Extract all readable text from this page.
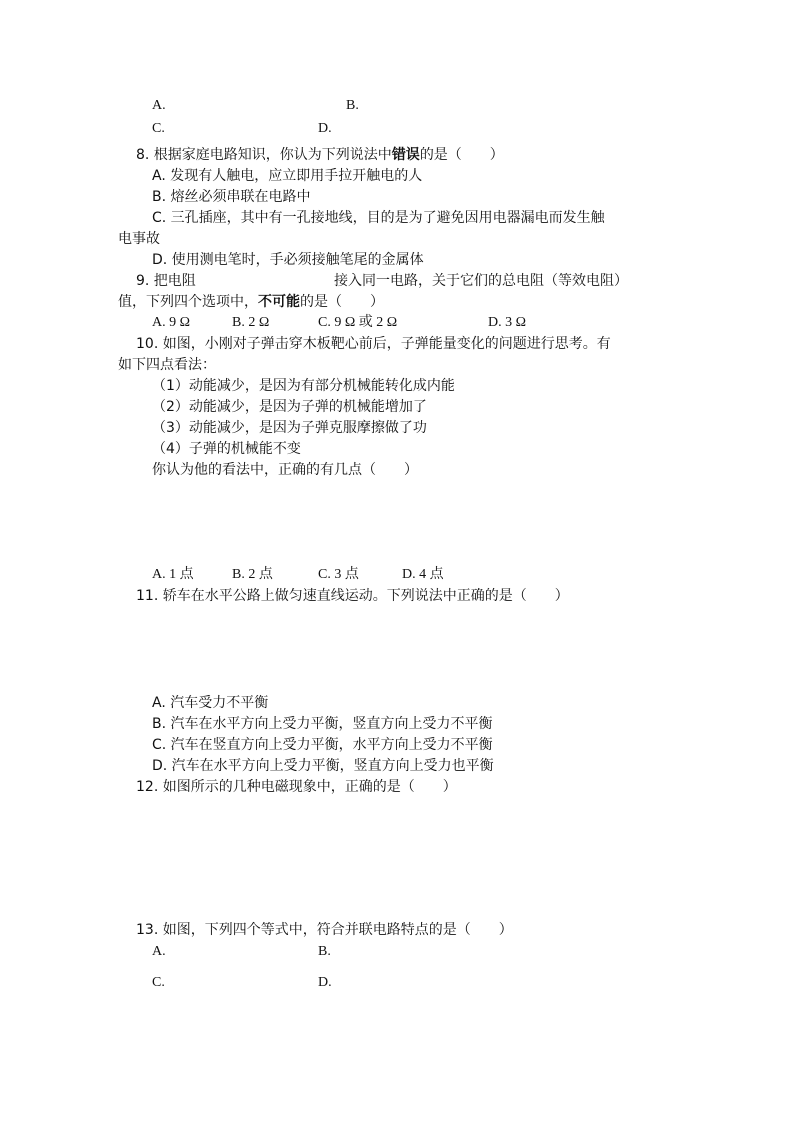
A.	B.
C.	D.
8. 根据家庭电路知识，你认为下列说法中错误的是（　　）
A. 发现有人触电，应立即用手拉开触电的人
B. 熔丝必须串联在电路中
C. 三孔插座，其中有一孔接地线，目的是为了避免因用电器漏电而发生触
电事故
D. 使用测电笔时，手必须接触笔尾的金属体
9. 把电阻	接入同一电路，关于它们的总电阻（等效电阻）
值，下列四个选项中，不可能的是（　　）
A. 9 Ω	B. 2 Ω	C. 9 Ω 或 2 Ω	D. 3 Ω
10. 如图，小刚对子弹击穿木板靶心前后，子弹能量变化的问题进行思考。有
如下四点看法：
（1）动能减少，是因为有部分机械能转化成内能
（2）动能减少，是因为子弹的机械能增加了
（3）动能减少，是因为子弹克服摩擦做了功
（4）子弹的机械能不变
你认为他的看法中，正确的有几点（　　）
A. 1 点	B. 2 点	C. 3 点	D. 4 点
11. 轿车在水平公路上做匀速直线运动。下列说法中正确的是（　　）
A. 汽车受力不平衡
B. 汽车在水平方向上受力平衡，竖直方向上受力不平衡
C. 汽车在竖直方向上受力平衡，水平方向上受力不平衡
D. 汽车在水平方向上受力平衡，竖直方向上受力也平衡
12. 如图所示的几种电磁现象中，正确的是（　　）
13. 如图，下列四个等式中，符合并联电路特点的是（　　）
A.	B.
C.	D.
